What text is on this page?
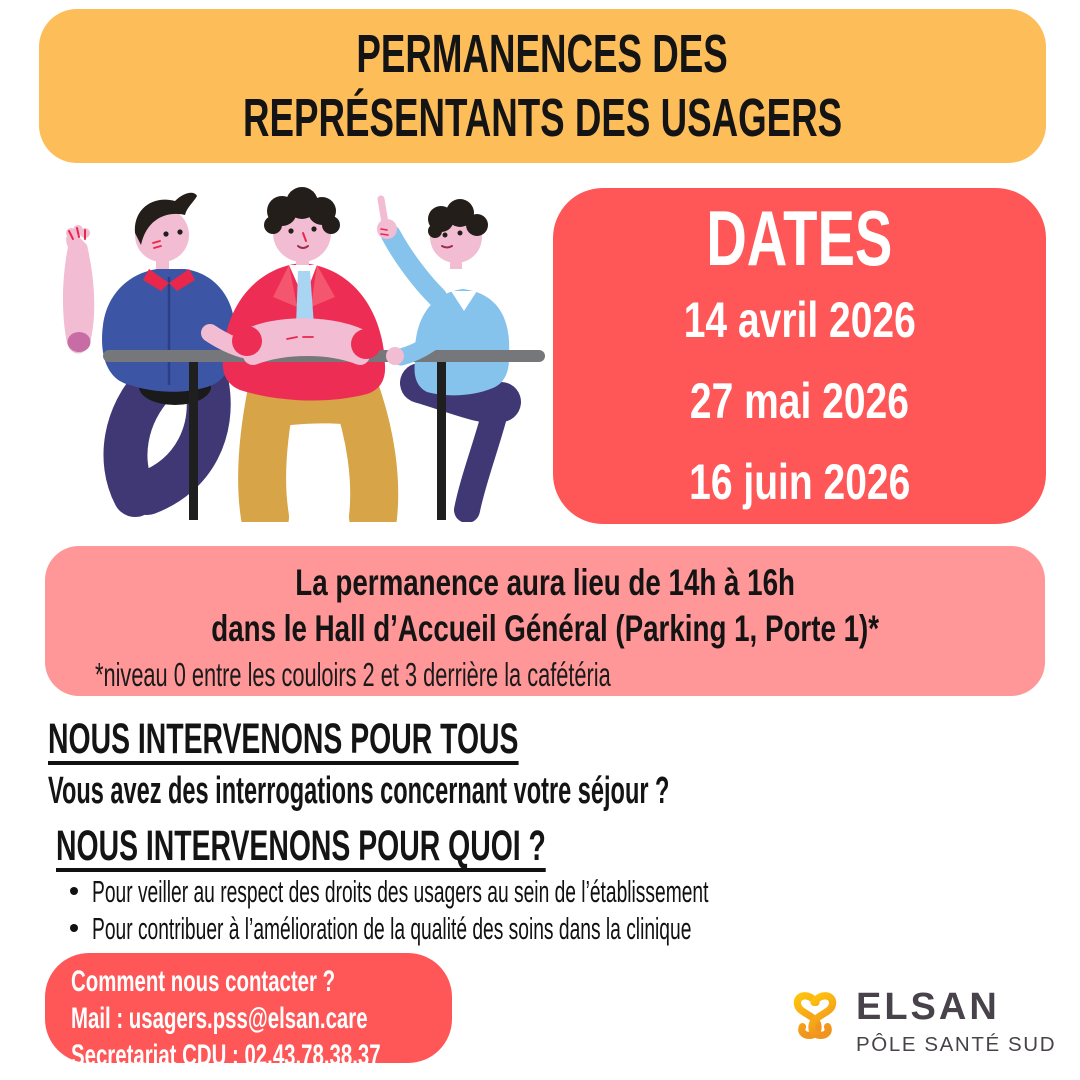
PERMANENCES DES
REPRÉSENTANTS DES USAGERS
DATES
14 avril 2026
27 mai 2026
16 juin 2026
La permanence aura lieu de 14h à 16h
dans le Hall d’Accueil Général (Parking 1, Porte 1)*
*niveau 0 entre les couloirs 2 et 3 derrière la cafétéria
NOUS INTERVENONS POUR TOUS
Vous avez des interrogations concernant votre séjour ?
NOUS INTERVENONS POUR QUOI ?
Pour veiller au respect des droits des usagers au sein de l’établissement
Pour contribuer à l’amélioration de la qualité des soins dans la clinique
Comment nous contacter ?
Mail : usagers.pss@elsan.care
Secretariat CDU : 02.43.78.38.37
ELSAN
PÔLE SANTÉ SUD
